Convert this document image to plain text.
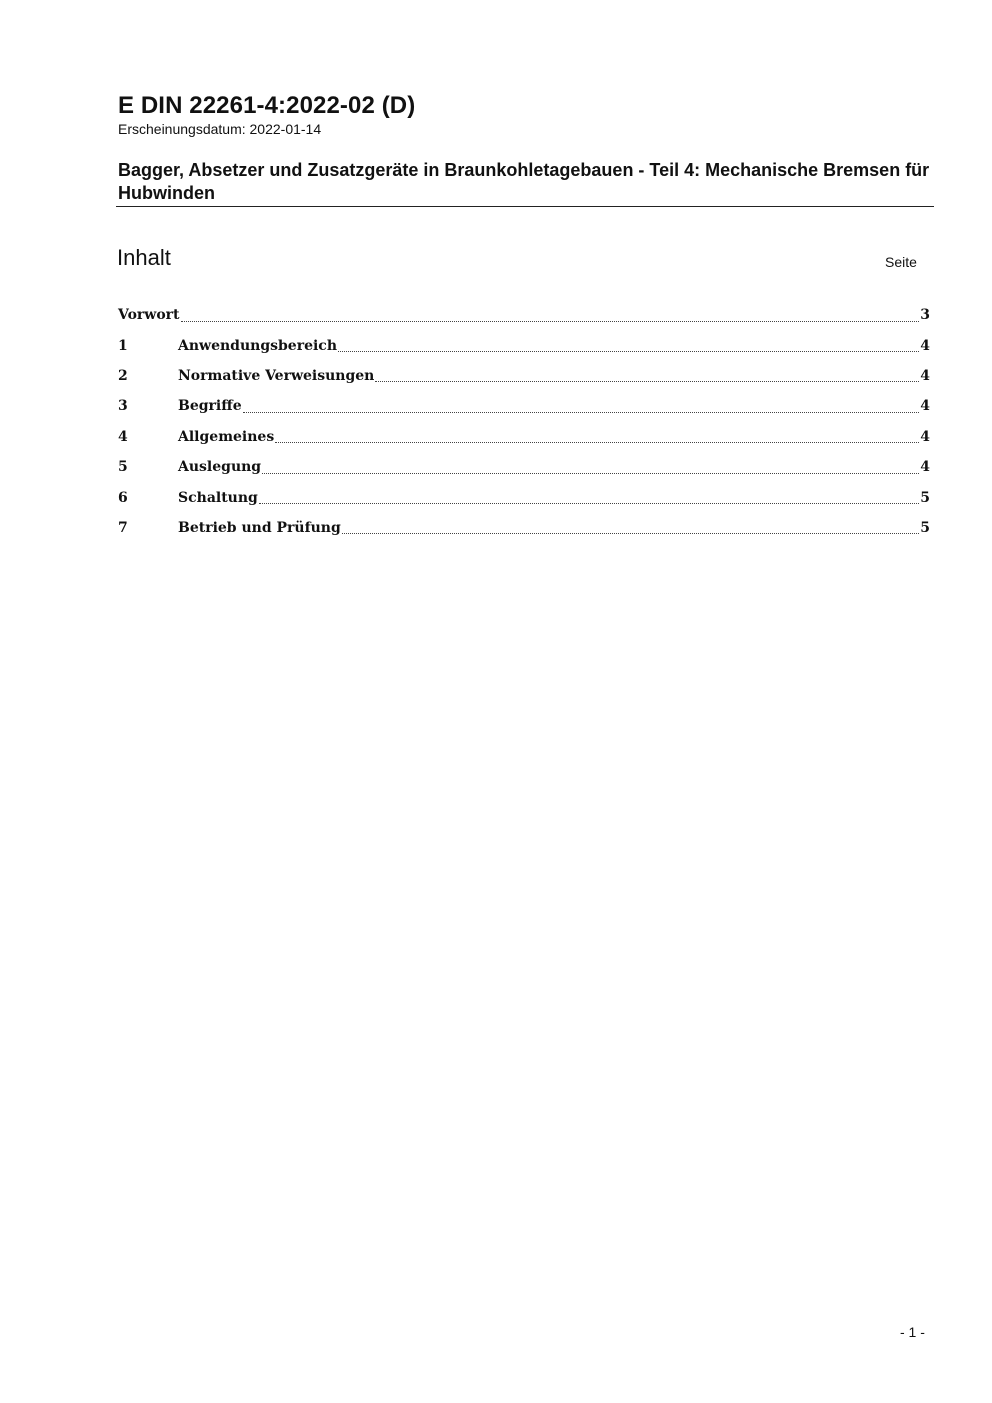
E DIN 22261-4:2022-02 (D)
Erscheinungsdatum: 2022-01-14
Bagger, Absetzer und Zusatzgeräte in Braunkohletagebauen - Teil 4: Mechanische Bremsen für Hubwinden
Inhalt	Seite
Vorwort	3
1	Anwendungsbereich	4
2	Normative Verweisungen	4
3	Begriffe	4
4	Allgemeines	4
5	Auslegung	4
6	Schaltung	5
7	Betrieb und Prüfung	5
- 1 -
